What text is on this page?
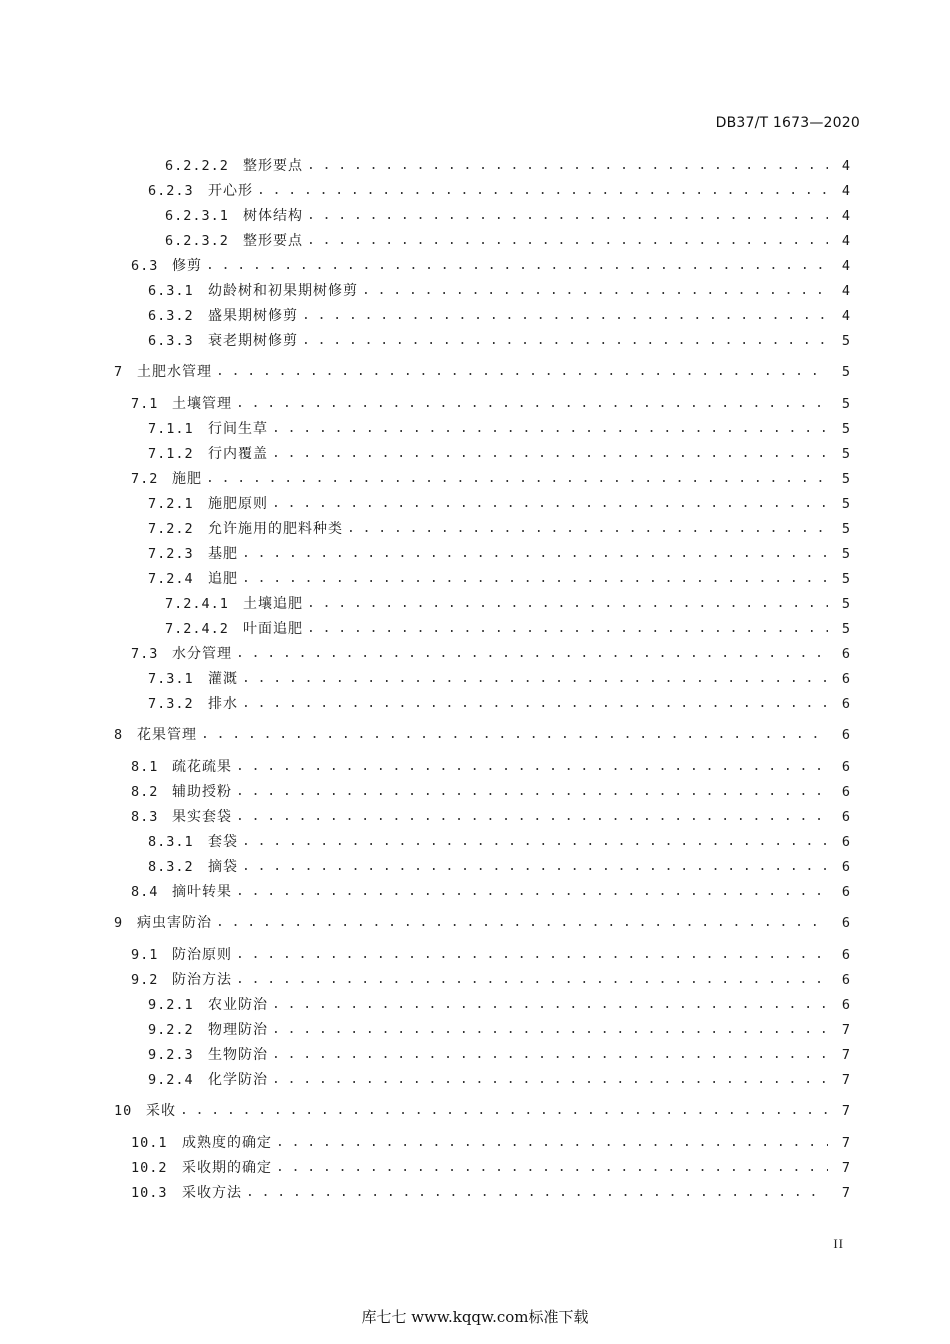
DB37/T 1673—2020
6.2.2.2 整形要点 . . .	4
6.2.3 开心形 . . .	4
6.2.3.1 树体结构 . . .	4
6.2.3.2 整形要点 . . .	4
6.3 修剪 . . .	4
6.3.1 幼龄树和初果期树修剪 . . .	4
6.3.2 盛果期树修剪 . . .	4
6.3.3 衰老期树修剪 . . .	5
7 土肥水管理 . . .	5
7.1 土壤管理 . . .	5
7.1.1 行间生草 . . .	5
7.1.2 行内覆盖 . . .	5
7.2 施肥 . . .	5
7.2.1 施肥原则 . . .	5
7.2.2 允许施用的肥料种类 . . .	5
7.2.3 基肥 . . .	5
7.2.4 追肥 . . .	5
7.2.4.1 土壤追肥 . . .	5
7.2.4.2 叶面追肥 . . .	5
7.3 水分管理 . . .	6
7.3.1 灌溉 . . .	6
7.3.2 排水 . . .	6
8 花果管理 . . .	6
8.1 疏花疏果 . . .	6
8.2 辅助授粉 . . .	6
8.3 果实套袋 . . .	6
8.3.1 套袋 . . .	6
8.3.2 摘袋 . . .	6
8.4 摘叶转果 . . .	6
9 病虫害防治 . . .	6
9.1 防治原则 . . .	6
9.2 防治方法 . . .	6
9.2.1 农业防治 . . .	6
9.2.2 物理防治 . . .	7
9.2.3 生物防治 . . .	7
9.2.4 化学防治 . . .	7
10 采收 . . .	7
10.1 成熟度的确定 . . .	7
10.2 采收期的确定 . . .	7
10.3 采收方法 . . .	7
II
库七七 www.kqqw.com标准下载
